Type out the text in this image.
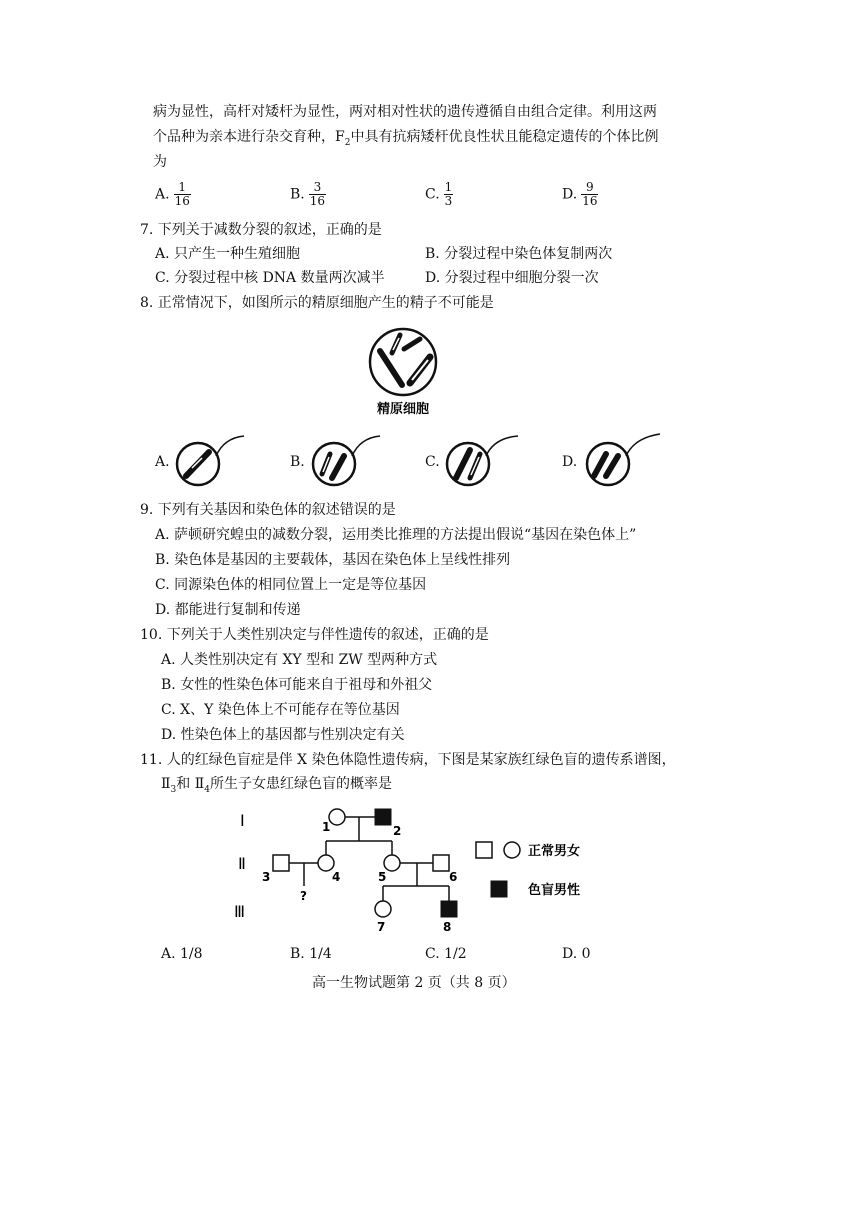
病为显性，高杆对矮杆为显性，两对相对性状的遗传遵循自由组合定律。利用这两
个品种为亲本进行杂交育种，$F_2$中具有抗病矮杆优良性状且能稳定遗传的个体比例
为
A. $\frac{1}{16}$	B. $\frac{3}{16}$	C. $\frac{1}{3}$	D. $\frac{9}{16}$
7. 下列关于减数分裂的叙述，正确的是
A. 只产生一种生殖细胞	B. 分裂过程中染色体复制两次
C. 分裂过程中核 DNA 数量两次减半	D. 分裂过程中细胞分裂一次
8. 正常情况下，如图所示的精原细胞产生的精子不可能是
精原细胞
A.	B.	C.	D.
9. 下列有关基因和染色体的叙述错误的是
A. 萨顿研究蝗虫的减数分裂，运用类比推理的方法提出假说“基因在染色体上”
B. 染色体是基因的主要载体，基因在染色体上呈线性排列
C. 同源染色体的相同位置上一定是等位基因
D. 都能进行复制和传递
10. 下列关于人类性别决定与伴性遗传的叙述，正确的是
A. 人类性别决定有 XY 型和 ZW 型两种方式
B. 女性的性染色体可能来自于祖母和外祖父
C. X、Y 染色体上不可能存在等位基因
D. 性染色体上的基因都与性别决定有关
11. 人的红绿色盲症是伴 X 染色体隐性遗传病，下图是某家族红绿色盲的遗传系谱图，
$Ⅱ_3$和 $Ⅱ_4$所生子女患红绿色盲的概率是
Ⅰ
Ⅱ
Ⅲ
1	2
?
3	4	5	6
7	8
正常男女
色盲男性
A. 1/8	B. 1/4	C. 1/2	D. 0
高一生物试题第 2 页（共 8 页）
